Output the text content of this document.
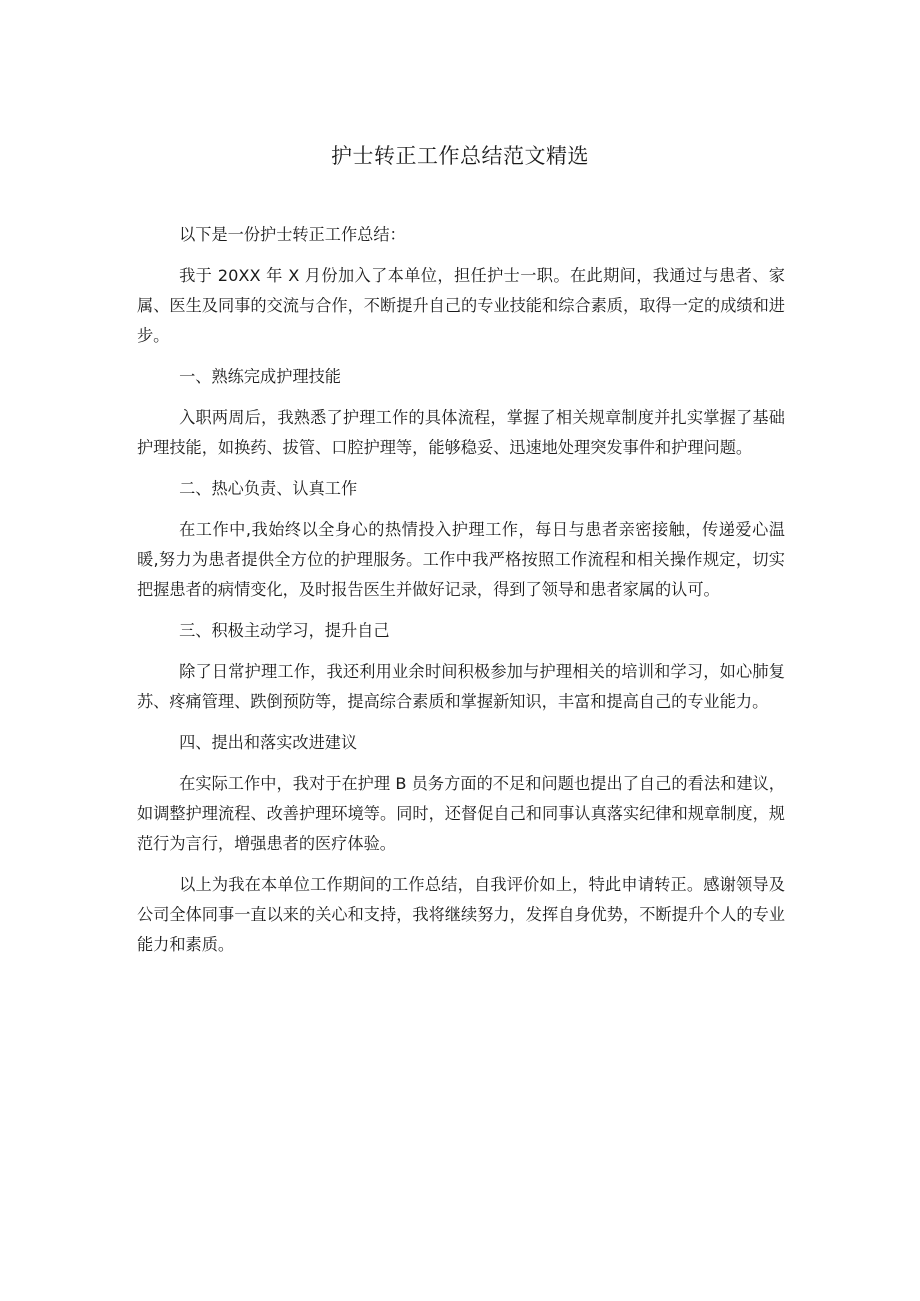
护士转正工作总结范文精选

以下是一份护士转正工作总结：

我于 20XX 年 X 月份加入了本单位，担任护士一职。在此期间，我通过与患者、家属、医生及同事的交流与合作，不断提升自己的专业技能和综合素质，取得一定的成绩和进步。

一、熟练完成护理技能

入职两周后，我熟悉了护理工作的具体流程，掌握了相关规章制度并扎实掌握了基础护理技能，如换药、拔管、口腔护理等，能够稳妥、迅速地处理突发事件和护理问题。

二、热心负责、认真工作

在工作中,我始终以全身心的热情投入护理工作，每日与患者亲密接触，传递爱心温暖,努力为患者提供全方位的护理服务。工作中我严格按照工作流程和相关操作规定，切实把握患者的病情变化，及时报告医生并做好记录，得到了领导和患者家属的认可。

三、积极主动学习，提升自己

除了日常护理工作，我还利用业余时间积极参加与护理相关的培训和学习，如心肺复苏、疼痛管理、跌倒预防等，提高综合素质和掌握新知识，丰富和提高自己的专业能力。

四、提出和落实改进建议

在实际工作中，我对于在护理 B 员务方面的不足和问题也提出了自己的看法和建议，如调整护理流程、改善护理环境等。同时，还督促自己和同事认真落实纪律和规章制度，规范行为言行，增强患者的医疗体验。

以上为我在本单位工作期间的工作总结，自我评价如上，特此申请转正。感谢领导及公司全体同事一直以来的关心和支持，我将继续努力，发挥自身优势，不断提升个人的专业能力和素质。
